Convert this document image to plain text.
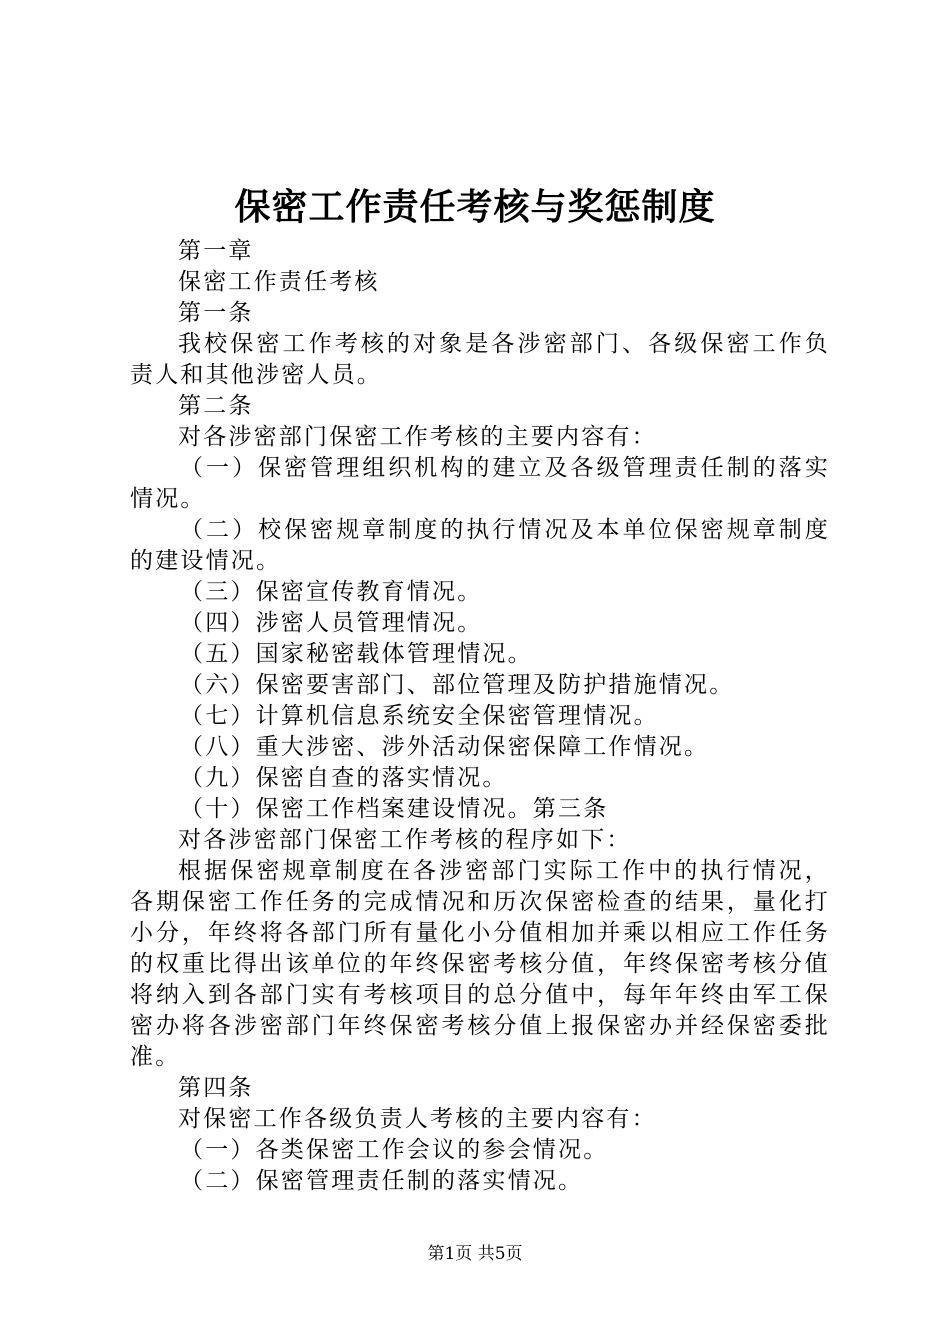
保密工作责任考核与奖惩制度

第一章

保密工作责任考核

第一条

我校保密工作考核的对象是各涉密部门、各级保密工作负责人和其他涉密人员。

第二条

对各涉密部门保密工作考核的主要内容有：

（一）保密管理组织机构的建立及各级管理责任制的落实情况。

（二）校保密规章制度的执行情况及本单位保密规章制度的建设情况。

（三）保密宣传教育情况。

（四）涉密人员管理情况。

（五）国家秘密载体管理情况。

（六）保密要害部门、部位管理及防护措施情况。

（七）计算机信息系统安全保密管理情况。

（八）重大涉密、涉外活动保密保障工作情况。

（九）保密自查的落实情况。

（十）保密工作档案建设情况。第三条

对各涉密部门保密工作考核的程序如下：

根据保密规章制度在各涉密部门实际工作中的执行情况，各期保密工作任务的完成情况和历次保密检查的结果，量化打小分，年终将各部门所有量化小分值相加并乘以相应工作任务的权重比得出该单位的年终保密考核分值，年终保密考核分值将纳入到各部门实有考核项目的总分值中，每年年终由军工保密办将各涉密部门年终保密考核分值上报保密办并经保密委批准。

第四条

对保密工作各级负责人考核的主要内容有：

（一）各类保密工作会议的参会情况。

（二）保密管理责任制的落实情况。

第1页 共5页
